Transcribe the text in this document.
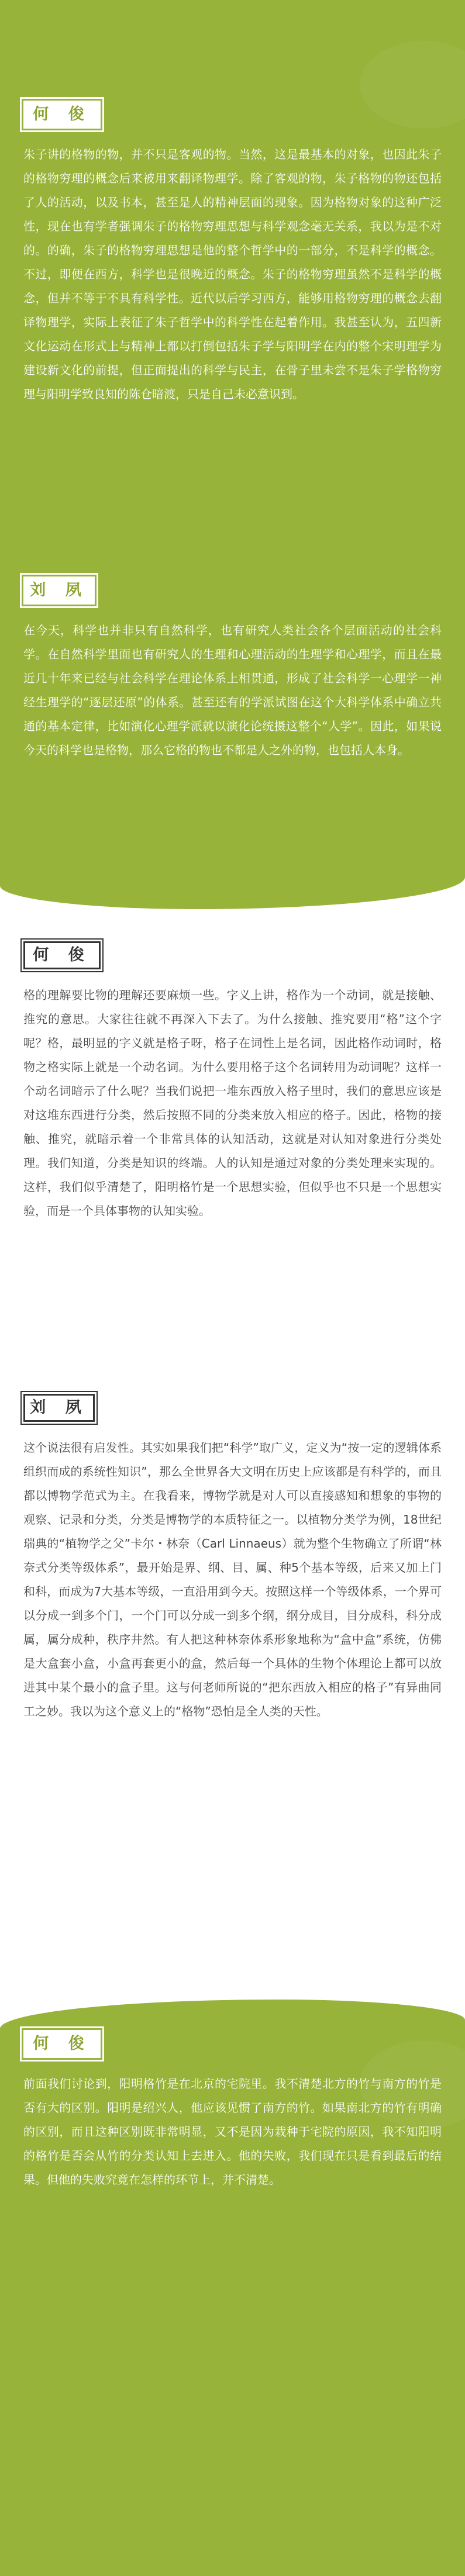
何 俊
朱子讲的格物的物，并不只是客观的物。当然，这是最基本的对象，也因此朱子的格物穷理的概念后来被用来翻译物理学。除了客观的物，朱子格物的物还包括了人的活动，以及书本，甚至是人的精神层面的现象。因为格物对象的这种广泛性，现在也有学者强调朱子的格物穷理思想与科学观念毫无关系，我以为是不对的。的确，朱子的格物穷理思想是他的整个哲学中的一部分，不是科学的概念。不过，即便在西方，科学也是很晚近的概念。朱子的格物穷理虽然不是科学的概念，但并不等于不具有科学性。近代以后学习西方，能够用格物穷理的概念去翻译物理学，实际上表征了朱子哲学中的科学性在起着作用。我甚至认为，五四新文化运动在形式上与精神上都以打倒包括朱子学与阳明学在内的整个宋明理学为建设新文化的前提，但正面提出的科学与民主，在骨子里未尝不是朱子学格物穷理与阳明学致良知的陈仓暗渡，只是自己未必意识到。
刘 夙
在今天，科学也并非只有自然科学，也有研究人类社会各个层面活动的社会科学。在自然科学里面也有研究人的生理和心理活动的生理学和心理学，而且在最近几十年来已经与社会科学在理论体系上相贯通，形成了社会科学一心理学一神经生理学的“逐层还原”的体系。甚至还有的学派试图在这个大科学体系中确立共通的基本定律，比如演化心理学派就以演化论统摄这整个“人学”。因此，如果说今天的科学也是格物，那么它格的物也不都是人之外的物，也包括人本身。
何 俊
格的理解要比物的理解还要麻烦一些。字义上讲，格作为一个动词，就是接触、推究的意思。大家往往就不再深入下去了。为什么接触、推究要用“格”这个字呢？格，最明显的字义就是格子呀，格子在词性上是名词，因此格作动词时，格物之格实际上就是一个动名词。为什么要用格子这个名词转用为动词呢？这样一个动名词暗示了什么呢？当我们说把一堆东西放入格子里时，我们的意思应该是对这堆东西进行分类，然后按照不同的分类来放入相应的格子。因此，格物的接触、推究，就暗示着一个非常具体的认知活动，这就是对认知对象进行分类处理。我们知道，分类是知识的终端。人的认知是通过对象的分类处理来实现的。这样，我们似乎清楚了，阳明格竹是一个思想实验，但似乎也不只是一个思想实验，而是一个具体事物的认知实验。
刘 夙
这个说法很有启发性。其实如果我们把“科学”取广义，定义为“按一定的逻辑体系组织而成的系统性知识”，那么全世界各大文明在历史上应该都是有科学的，而且都以博物学范式为主。在我看来，博物学就是对人可以直接感知和想象的事物的观察、记录和分类，分类是博物学的本质特征之一。以植物分类学为例，18世纪瑞典的“植物学之父”卡尔・林奈（Carl Linnaeus）就为整个生物确立了所谓“林奈式分类等级体系”，最开始是界、纲、目、属、种5个基本等级，后来又加上门和科，而成为7大基本等级，一直沿用到今天。按照这样一个等级体系，一个界可以分成一到多个门，一个门可以分成一到多个纲，纲分成目，目分成科，科分成属，属分成种，秩序井然。有人把这种林奈体系形象地称为“盒中盒”系统，仿佛是大盒套小盒，小盒再套更小的盒，然后每一个具体的生物个体理论上都可以放进其中某个最小的盒子里。这与何老师所说的“把东西放入相应的格子”有异曲同工之妙。我以为这个意义上的“格物”恐怕是全人类的天性。
何 俊
前面我们讨论到，阳明格竹是在北京的宅院里。我不清楚北方的竹与南方的竹是否有大的区别。阳明是绍兴人，他应该见惯了南方的竹。如果南北方的竹有明确的区别，而且这种区别既非常明显，又不是因为栽种于宅院的原因，我不知阳明的格竹是否会从竹的分类认知上去进入。他的失败，我们现在只是看到最后的结果。但他的失败究竟在怎样的环节上，并不清楚。
